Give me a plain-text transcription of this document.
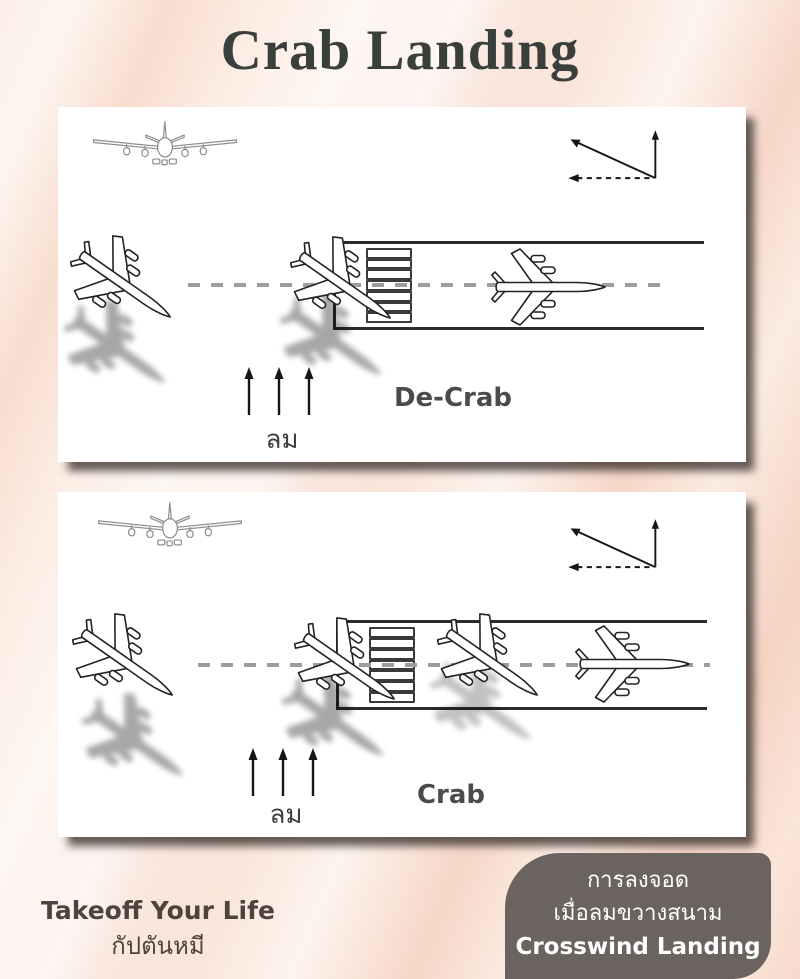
Crab Landing
ลม
De-Crab
ลม
Crab
Takeoff Your Life
กัปตันหมี
การลงจอด
เมื่อลมขวางสนาม
Crosswind Landing
